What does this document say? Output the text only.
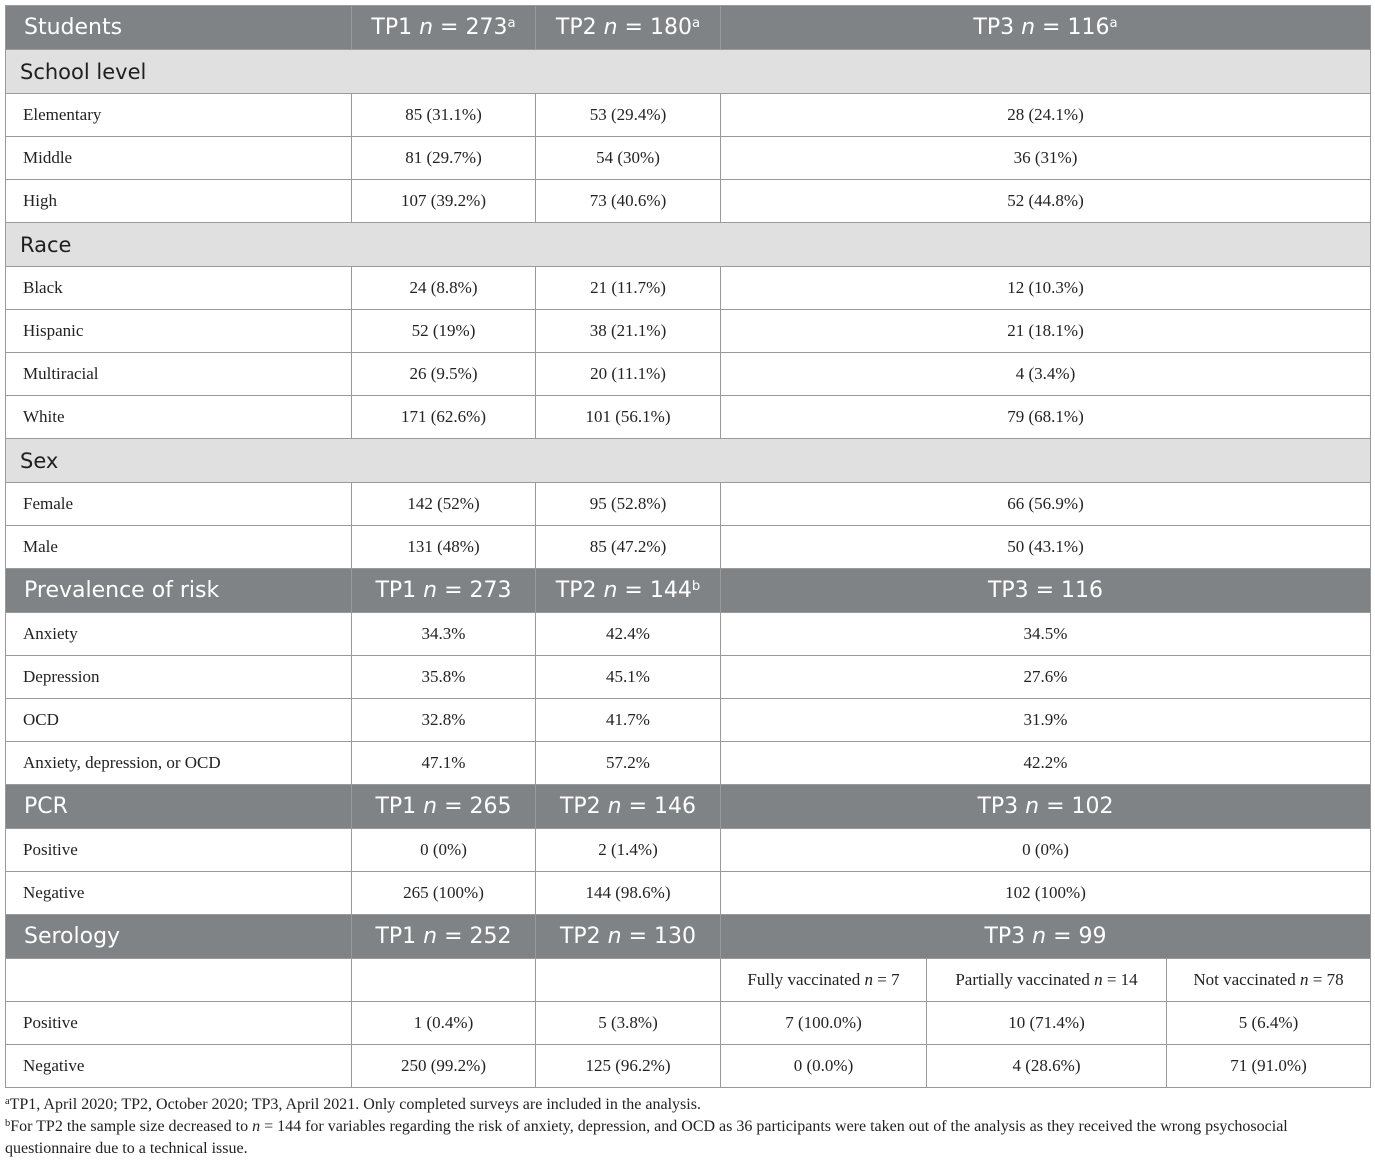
Students	TP1 $n = 273^a$	TP2 $n = 180^a$	TP3 $n = 116^a$
School level					
Elementary	85 (31.1%)	53 (29.4%)	28 (24.1%)		
Middle	81 (29.7%)	54 (30%)	36 (31%)		
High	107 (39.2%)	73 (40.6%)	52 (44.8%)		
Race					
Black	24 (8.8%)	21 (11.7%)	12 (10.3%)		
Hispanic	52 (19%)	38 (21.1%)	21 (18.1%)		
Multiracial	26 (9.5%)	20 (11.1%)	4 (3.4%)		
White	171 (62.6%)	101 (56.1%)	79 (68.1%)		
Sex					
Female	142 (52%)	95 (52.8%)	66 (56.9%)		
Male	131 (48%)	85 (47.2%)	50 (43.1%)		
Prevalence of risk	TP1 n = 273	TP2 $n = 144^b$	TP3 = 116		
Anxiety	34.3%	42.4%	34.5%		
Depression	35.8%	45.1%	27.6%		
OCD	32.8%	41.7%	31.9%		
Anxiety, depression, or OCD	47.1%	57.2%	42.2%		
PCR	TP1 n = 265	TP2 n = 146	TP3 n = 102		
Positive	0 (0%)	2 (1.4%)	0 (0%)		
Negative	265 (100%)	144 (98.6%)	102 (100%)		
Serology	TP1 n = 252	TP2 n = 130	TP3 n = 99		
			Fully vaccinated n = 7	Partially vaccinated n = 14	Not vaccinated n = 78
Positive	1 (0.4%)	5 (3.8%)	7 (100.0%)	10 (71.4%)	5 (6.4%)
Negative	250 (99.2%)	125 (96.2%)	0 (0.0%)	4 (28.6%)	71 (91.0%)

$^a$TP1, April 2020; TP2, October 2020; TP3, April 2021. Only completed surveys are included in the analysis.

$^b$For TP2 the sample size decreased to n = 144 for variables regarding the risk of anxiety, depression, and OCD as 36 participants were taken out of the analysis as they received the wrong psychosocial questionnaire due to a technical issue.
